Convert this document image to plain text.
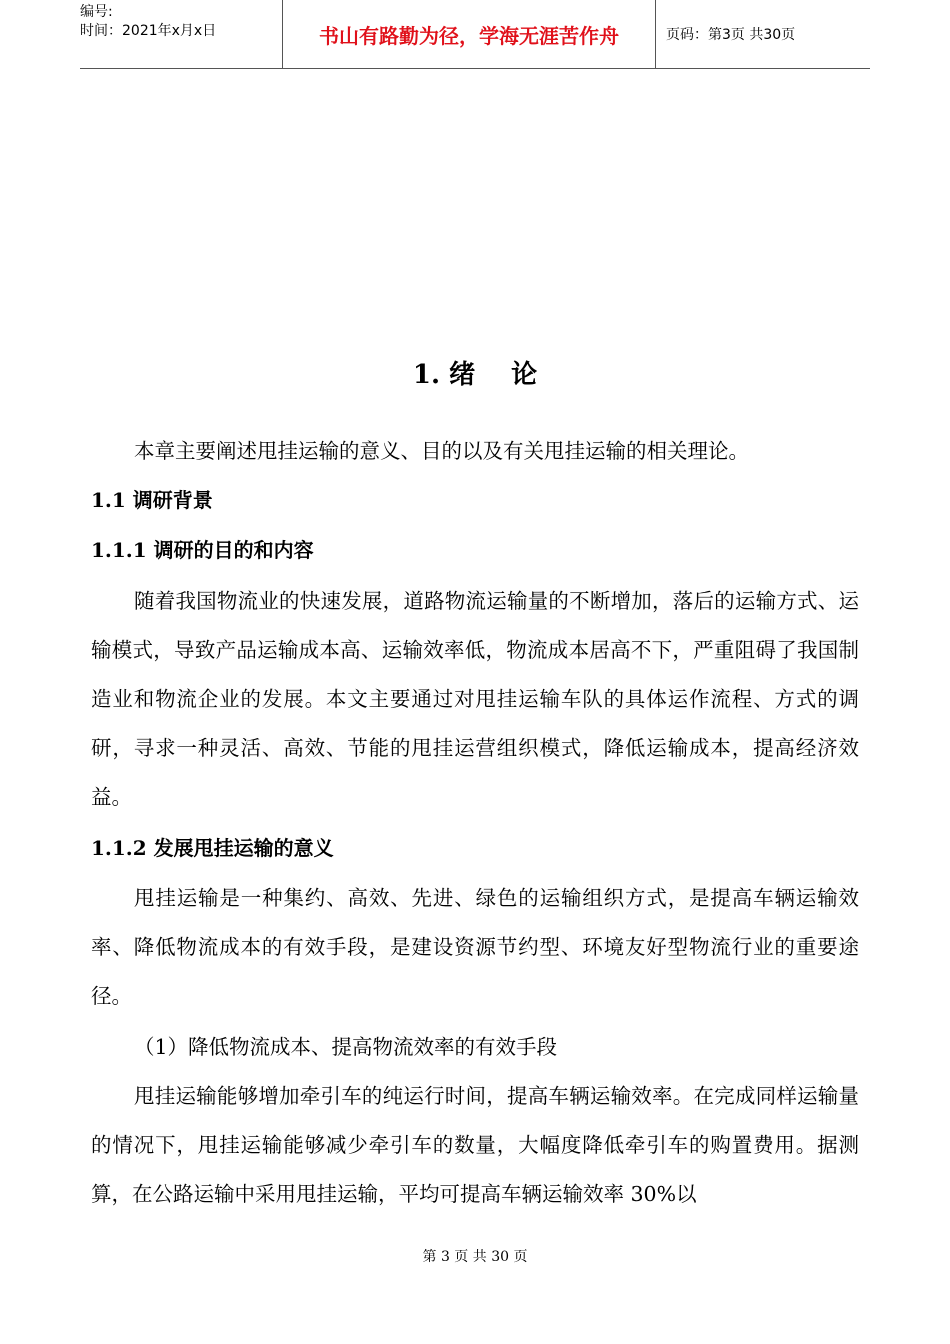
编号:
时间：2021年x月x日	书山有路勤为径，学海无涯苦作舟	页码：第3页 共30页
1. 绪 论

本章主要阐述甩挂运输的意义、目的以及有关甩挂运输的相关理论。

1.1 调研背景
1.1.1 调研的目的和内容

随着我国物流业的快速发展，道路物流运输量的不断增加，落后的运输方式、运输模式，导致产品运输成本高、运输效率低，物流成本居高不下，严重阻碍了我国制造业和物流企业的发展。本文主要通过对甩挂运输车队的具体运作流程、方式的调研，寻求一种灵活、高效、节能的甩挂运营组织模式，降低运输成本，提高经济效益。

1.1.2 发展甩挂运输的意义

甩挂运输是一种集约、高效、先进、绿色的运输组织方式，是提高车辆运输效率、降低物流成本的有效手段，是建设资源节约型、环境友好型物流行业的重要途径。

（1）降低物流成本、提高物流效率的有效手段

甩挂运输能够增加牵引车的纯运行时间，提高车辆运输效率。在完成同样运输量的情况下，甩挂运输能够减少牵引车的数量，大幅度降低牵引车的购置费用。据测算，在公路运输中采用甩挂运输，平均可提高车辆运输效率 30%以

第 3 页 共 30 页
